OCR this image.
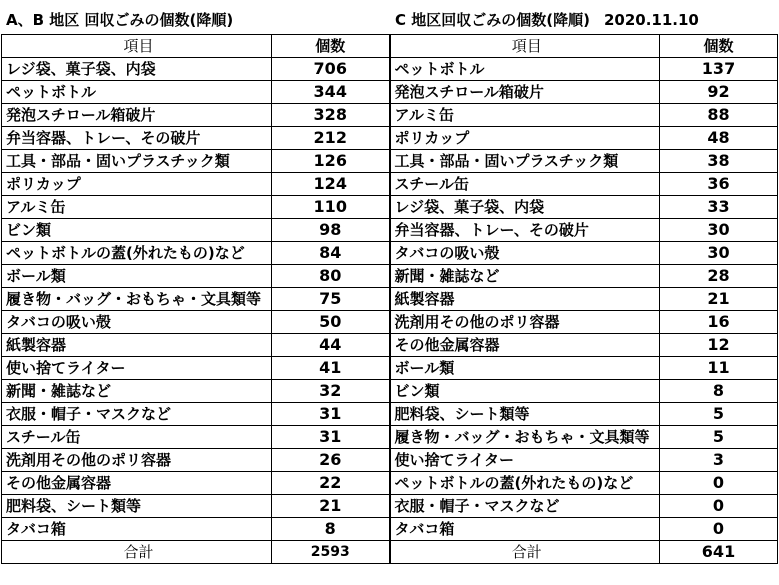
A、B 地区 回収ごみの個数(降順)	C 地区回収ごみの個数(降順) 2020.11.10
項目	個数	項目	個数
レジ袋、菓子袋、内袋	706	ペットボトル	137
ペットボトル	344	発泡スチロール箱破片	92
発泡スチロール箱破片	328	アルミ缶	88
弁当容器、トレー、その破片	212	ポリカップ	48
工具・部品・固いプラスチック類	126	工具・部品・固いプラスチック類	38
ポリカップ	124	スチール缶	36
アルミ缶	110	レジ袋、菓子袋、内袋	33
ビン類	98	弁当容器、トレー、その破片	30
ペットボトルの蓋(外れたもの)など	84	タバコの吸い殻	30
ボール類	80	新聞・雑誌など	28
履き物・バッグ・おもちゃ・文具類等	75	紙製容器	21
タバコの吸い殻	50	洗剤用その他のポリ容器	16
紙製容器	44	その他金属容器	12
使い捨てライター	41	ボール類	11
新聞・雑誌など	32	ビン類	8
衣服・帽子・マスクなど	31	肥料袋、シート類等	5
スチール缶	31	履き物・バッグ・おもちゃ・文具類等	5
洗剤用その他のポリ容器	26	使い捨てライター	3
その他金属容器	22	ペットボトルの蓋(外れたもの)など	0
肥料袋、シート類等	21	衣服・帽子・マスクなど	0
タバコ箱	8	タバコ箱	0
合計	2593	合計	641
